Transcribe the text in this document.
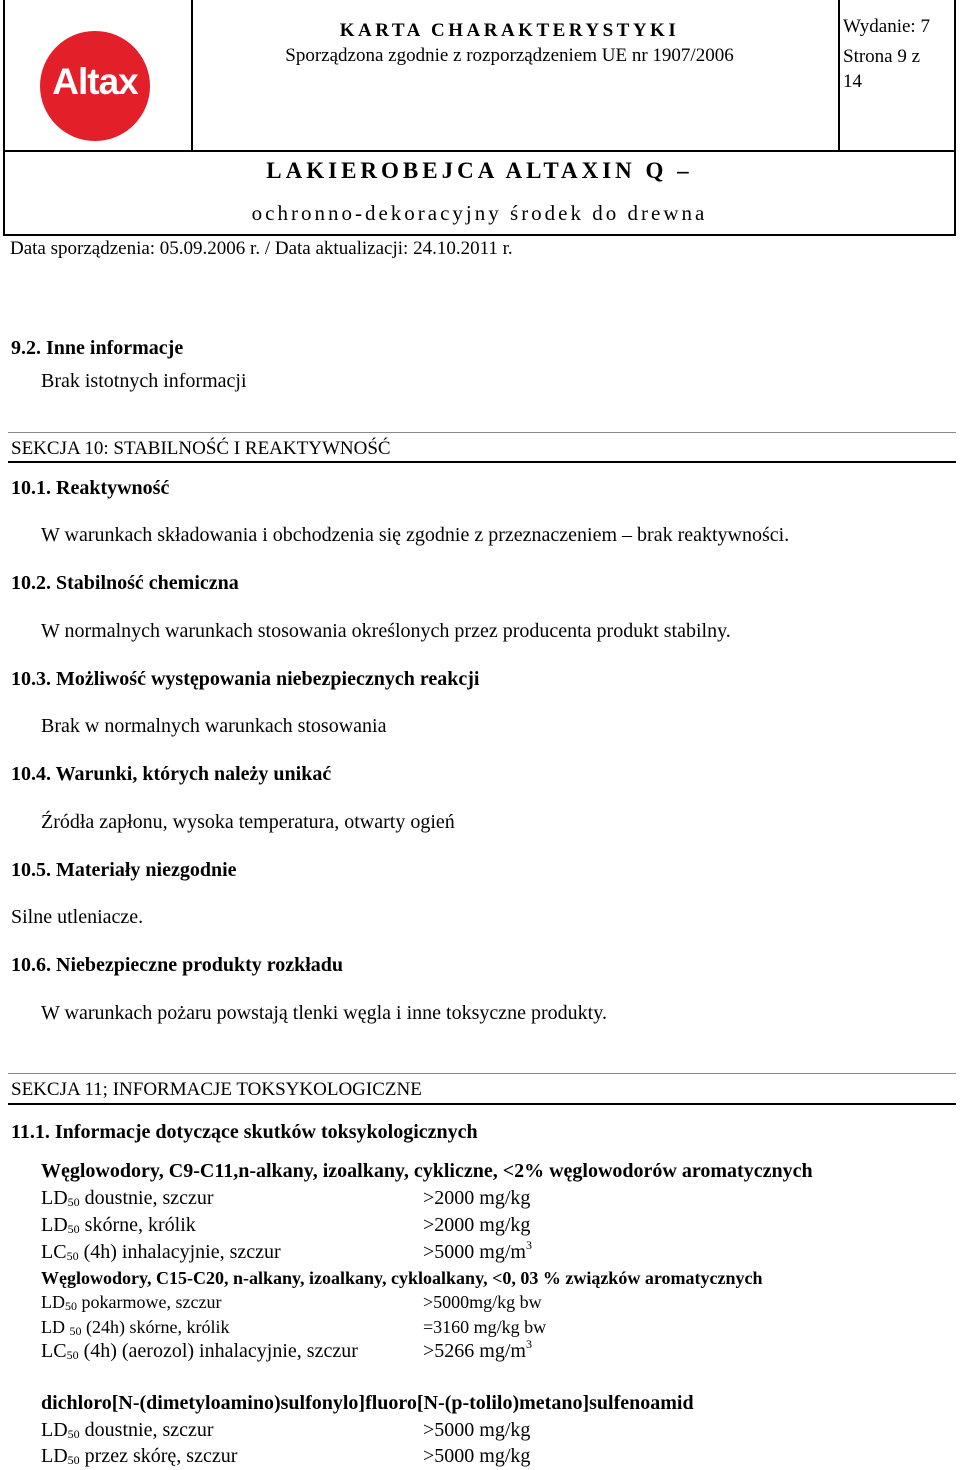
Altax
KARTA CHARAKTERYSTYKI
Sporządzona zgodnie z rozporządzeniem UE nr 1907/2006
Wydanie: 7
Strona 9 z
14
LAKIEROBEJCA ALTAXIN Q –
ochronno-dekoracyjny środek do drewna
Data sporządzenia: 05.09.2006 r. / Data aktualizacji: 24.10.2011 r.
9.2. Inne informacje
Brak istotnych informacji
SEKCJA 10: STABILNOŚĆ I REAKTYWNOŚĆ
10.1. Reaktywność
W warunkach składowania i obchodzenia się zgodnie z przeznaczeniem – brak reaktywności.
10.2. Stabilność chemiczna
W normalnych warunkach stosowania określonych przez producenta produkt stabilny.
10.3. Możliwość występowania niebezpiecznych reakcji
Brak w normalnych warunkach stosowania
10.4. Warunki, których należy unikać
Źródła zapłonu, wysoka temperatura, otwarty ogień
10.5. Materiały niezgodnie
Silne utleniacze.
10.6. Niebezpieczne produkty rozkładu
W warunkach pożaru powstają tlenki węgla i inne toksyczne produkty.
SEKCJA 11; INFORMACJE TOKSYKOLOGICZNE
11.1. Informacje dotyczące skutków toksykologicznych
Węglowodory, C9-C11,n-alkany, izoalkany, cykliczne, <2% węglowodorów aromatycznych
$LD_{50}$ doustnie, szczur	>2000 mg/kg
$LD_{50}$ skórne, królik	>2000 mg/kg
$LC_{50}$ (4h) inhalacyjnie, szczur	>5000 $mg/m^3$
Węglowodory, C15-C20, n-alkany, izoalkany, cykloalkany, <0, 03 % związków aromatycznych
$LD_{50}$ pokarmowe, szczur	>5000mg/kg bw
LD $_{50}$ (24h) skórne, królik	=3160 mg/kg bw
$LC_{50}$ (4h) (aerozol) inhalacyjnie, szczur	>5266 $mg/m^3$
dichloro[N-(dimetyloamino)sulfonylo]fluoro[N-(p-tolilo)metano]sulfenoamid
$LD_{50}$ doustnie, szczur	>5000 mg/kg
$LD_{50}$ przez skórę, szczur	>5000 mg/kg
